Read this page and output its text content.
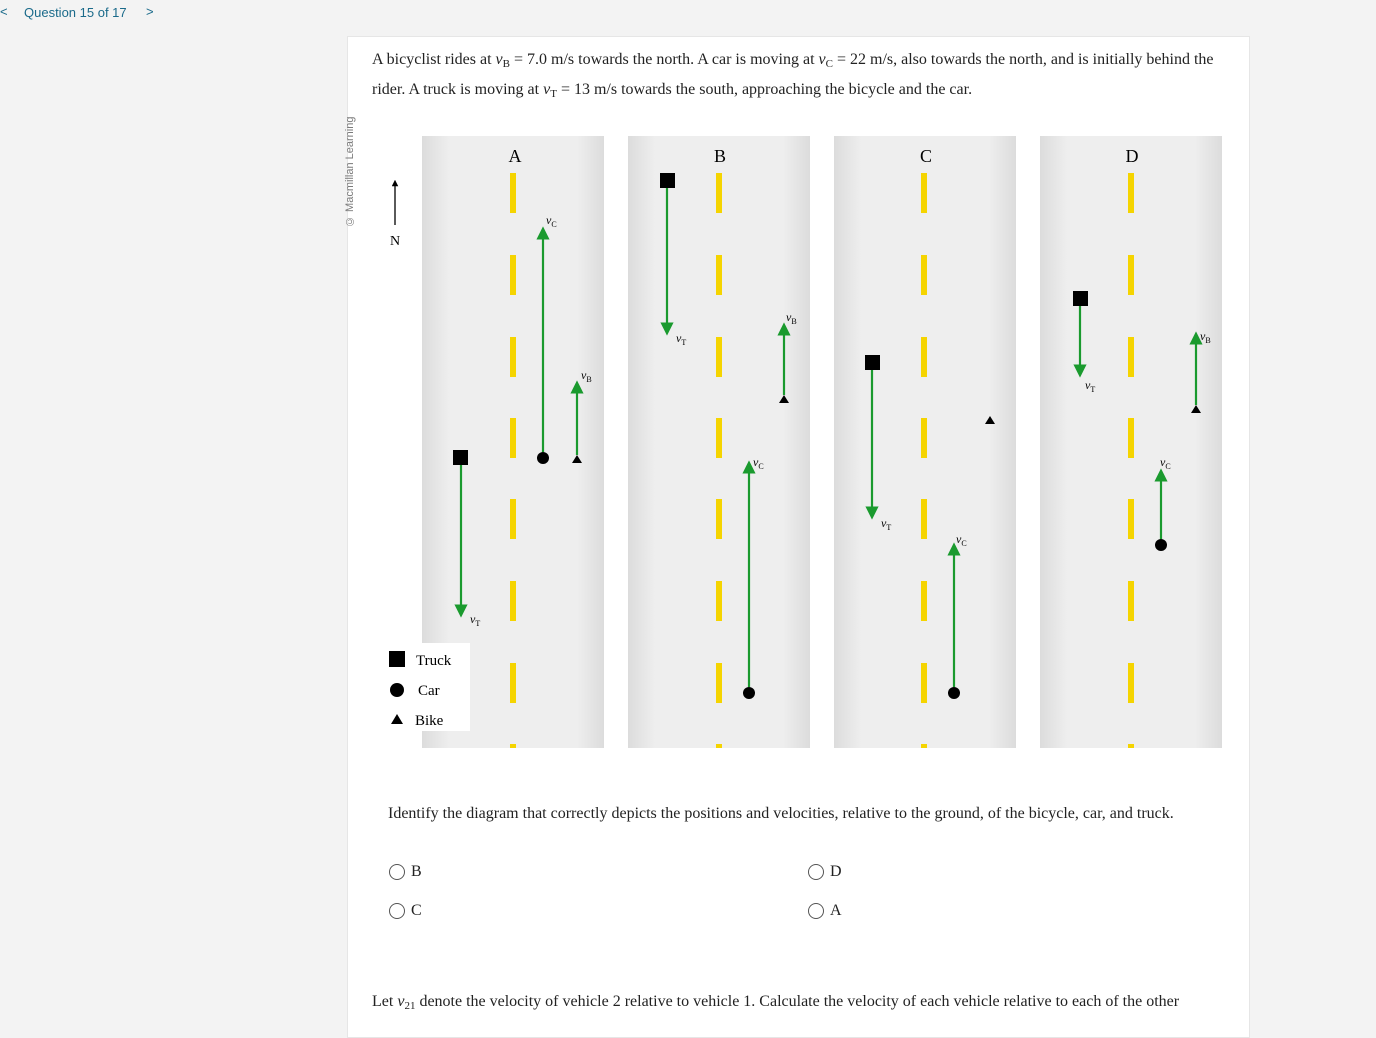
< Question 15 of 17 >
© Macmillan Learning
A bicyclist rides at $v_B = 7.0$ m/s towards the north. A car is moving at $v_C = 22$ m/s, also towards the north, and is initially behind the rider. A truck is moving at $v_T = 13$ m/s towards the south, approaching the bicycle and the car.
N
A
$v_T$
$v_C$
$v_B$
B
$v_T$
$v_C$
$v_B$
C
$v_T$
$v_C$
D
$v_T$
$v_C$
$v_B$
Truck
Car
Bike
Identify the diagram that correctly depicts the positions and velocities, relative to the ground, of the bicycle, car, and truck.
B
C
D
A
Let v21 denote the velocity of vehicle 2 relative to vehicle 1. Calculate the velocity of each vehicle relative to each of the other
